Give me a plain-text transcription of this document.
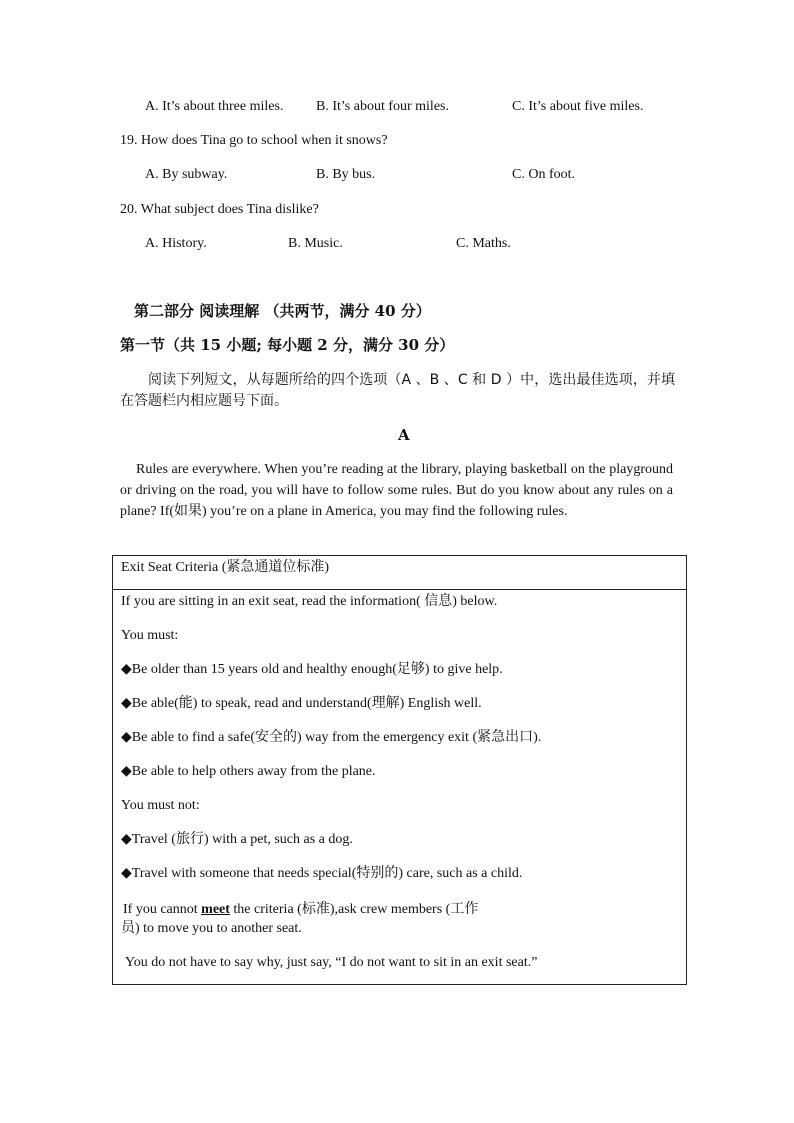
A. It’s about three miles. B. It’s about four miles.	C. It’s about five miles.
19. How does Tina go to school when it snows?
A. By subway.	B. By bus.	C. On foot.
20. What subject does Tina dislike?
A. History.	B. Music.	C. Maths.
第二部分 阅读理解 （共两节，满分 40 分）
第一节（共 15 小题; 每小题 2 分，满分 30 分）
阅读下列短文，从每题所给的四个选项（A 、B 、C 和 D ）中，选出最佳选项，并填在答题栏内相应题号下面。
A
Rules are everywhere. When you’re reading at the library, playing basketball on the playground or driving on the road, you will have to follow some rules. But do you know about any rules on a plane? If(如果) you’re on a plane in America, you may find the following rules.
Exit Seat Criteria (紧急通道位标准)
If you are sitting in an exit seat, read the information( 信息) below.
You must:
◆Be older than 15 years old and healthy enough(足够) to give help.
◆Be able(能) to speak, read and understand(理解) English well.
◆Be able to find a safe(安全的) way from the emergency exit (紧急出口).
◆Be able to help others away from the plane.
You must not:
◆Travel (旅行) with a pet, such as a dog.
◆Travel with someone that needs special(特别的) care, such as a child.
If you cannot meet the criteria (标准),ask crew members (工作
员) to move you to another seat.
You do not have to say why, just say, “I do not want to sit in an exit seat.”
